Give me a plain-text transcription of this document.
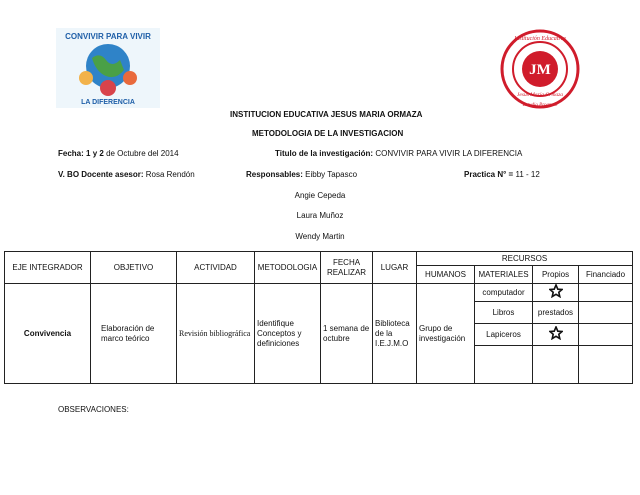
CONVIVIR PARA VIVIR
LA DIFERENCIA
JM
Institución Educativa
Jesús María Ormaza
Estudio Progreso
INSTITUCION EDUCATIVA JESUS MARIA ORMAZA
METODOLOGIA DE LA INVESTIGACION
Fecha: 1 y 2 de Octubre del 2014	Titulo de la investigación: CONVIVIR PARA VIVIR LA DIFERENCIA
V. BO Docente asesor: Rosa Rendón	Responsables: Eibby Tapasco	Practica N° = 11 - 12
Angie Cepeda
Laura Muñoz
Wendy Martin
EJE INTEGRADOR	OBJETIVO	ACTIVIDAD	METODOLOGIA	FECHA REALIZAR	LUGAR	RECURSOS			
						HUMANOS	MATERIALES	Propios	Financiado
Convivencia	Elaboración de marco teórico	Revisión bibliográfica	Identifique Conceptos y definiciones	1 semana de octubre	Biblioteca de la I.E.J.M.O	Grupo de investigación	computador		
							Libros	prestados	
							Lapiceros		

OBSERVACIONES:
